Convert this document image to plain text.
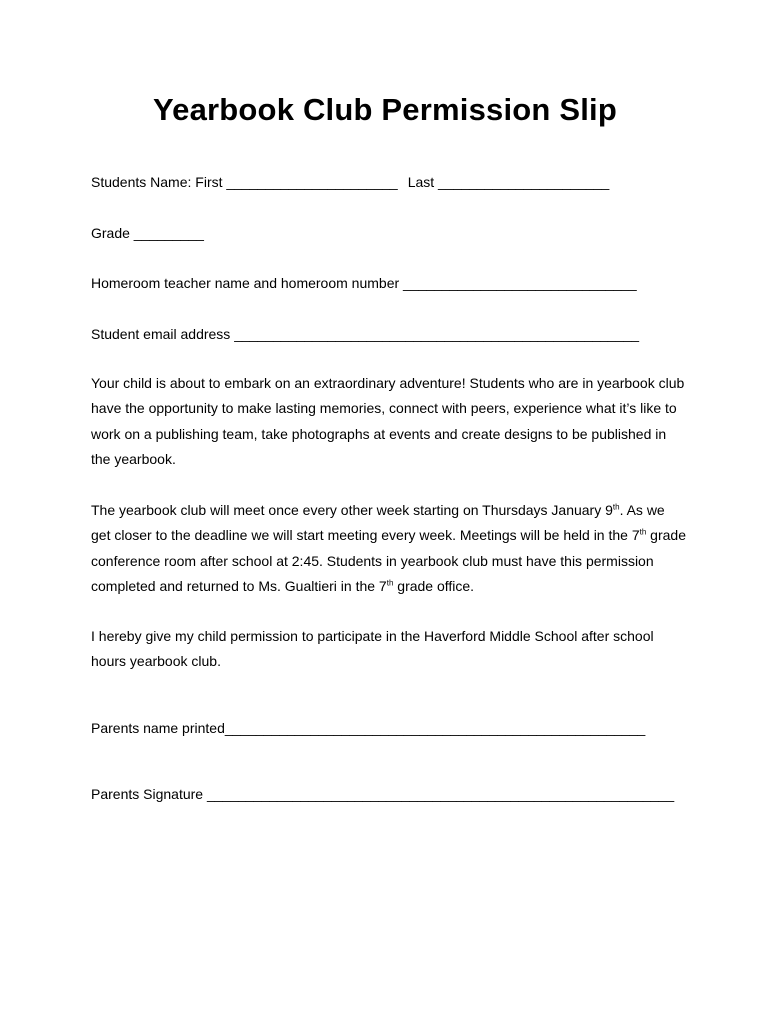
Yearbook Club Permission Slip
Students Name: First ______________________ Last ______________________
Grade _________
Homeroom teacher name and homeroom number ______________________________
Student email address ____________________________________________________
Your child is about to embark on an extraordinary adventure! Students who are in yearbook club
have the opportunity to make lasting memories, connect with peers, experience what it’s like to
work on a publishing team, take photographs at events and create designs to be published in
the yearbook.
The yearbook club will meet once every other week starting on Thursdays January 9th. As we
get closer to the deadline we will start meeting every week. Meetings will be held in the 7th grade
conference room after school at 2:45. Students in yearbook club must have this permission
completed and returned to Ms. Gualtieri in the 7th grade office.
I hereby give my child permission to participate in the Haverford Middle School after school
hours yearbook club.
Parents name printed______________________________________________________
Parents Signature ____________________________________________________________
